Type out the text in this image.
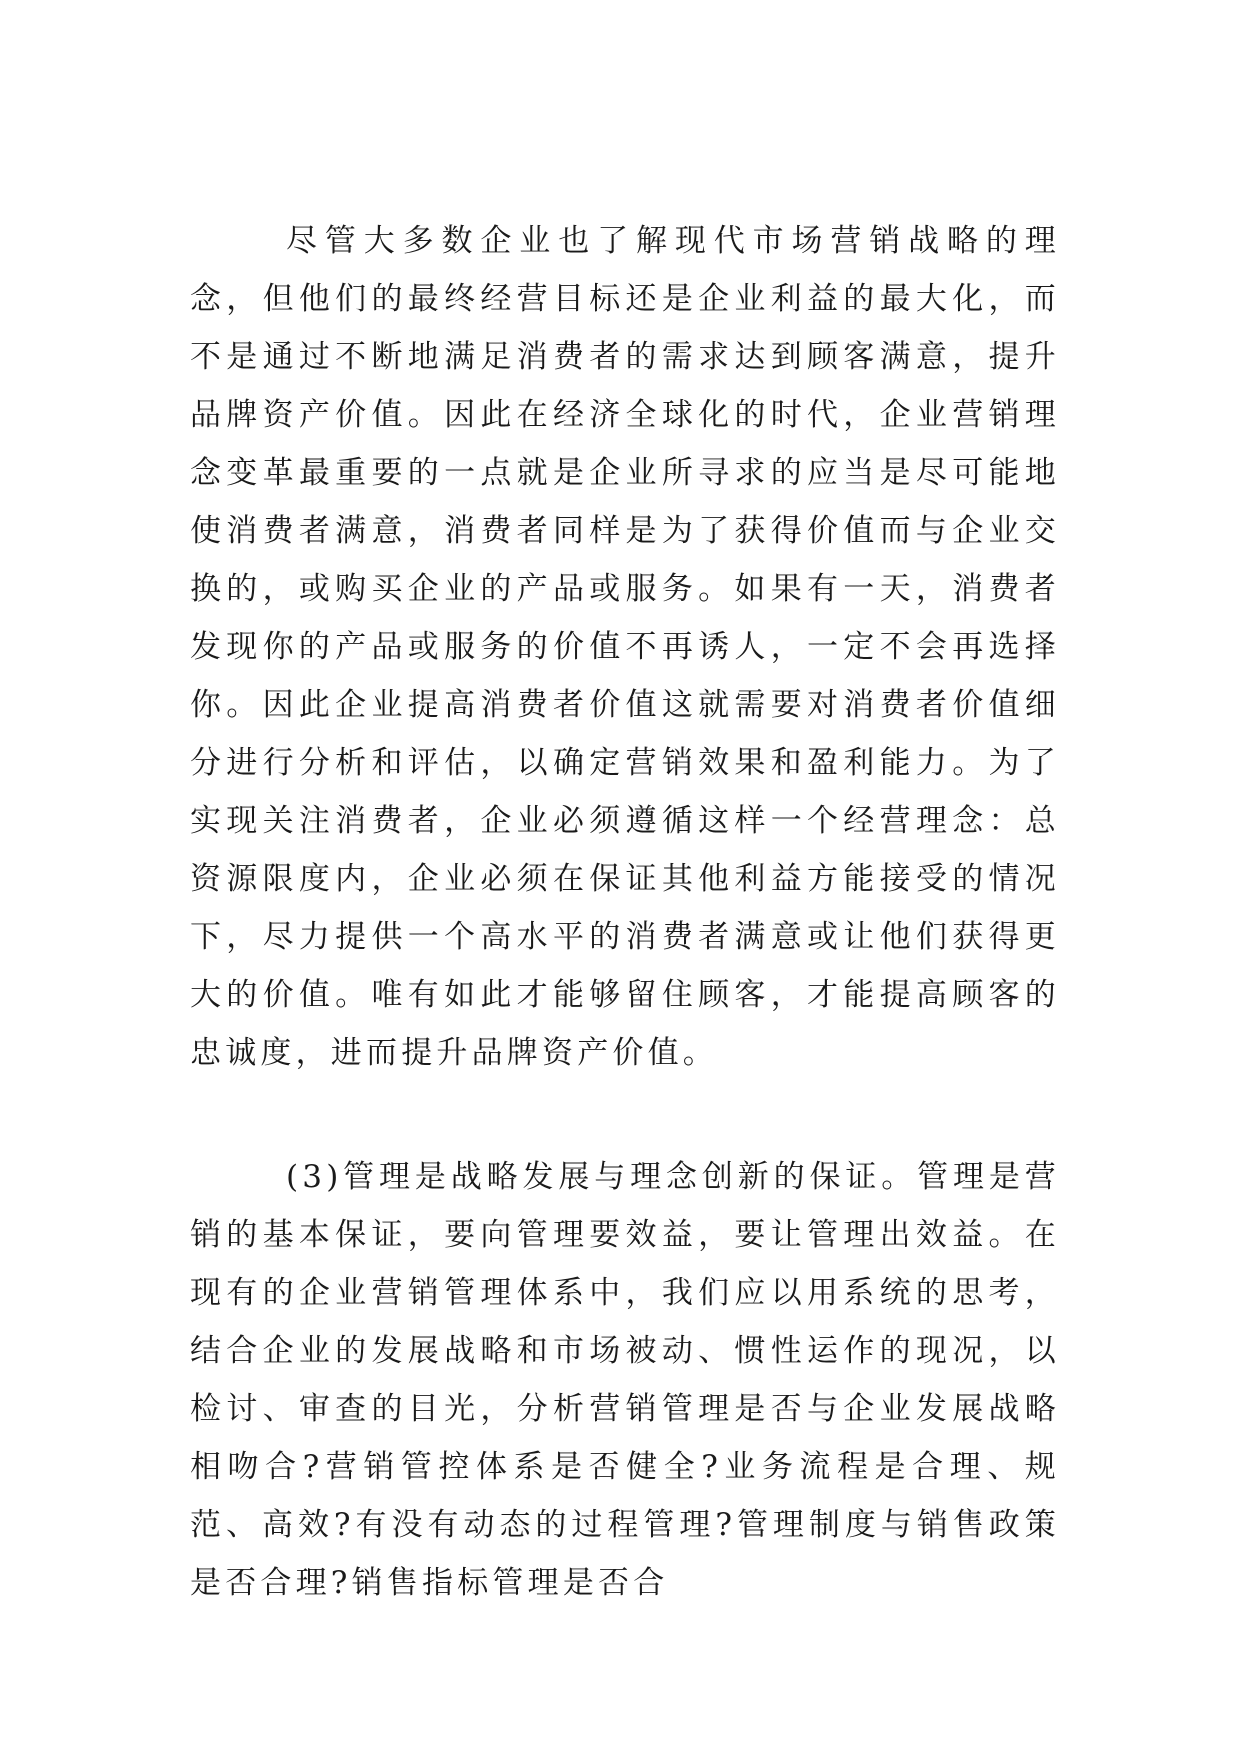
尽管大多数企业也了解现代市场营销战略的理念，但他们的最终经营目标还是企业利益的最大化，而不是通过不断地满足消费者的需求达到顾客满意，提升品牌资产价值。因此在经济全球化的时代，企业营销理念变革最重要的一点就是企业所寻求的应当是尽可能地使消费者满意，消费者同样是为了获得价值而与企业交换的，或购买企业的产品或服务。如果有一天，消费者发现你的产品或服务的价值不再诱人，一定不会再选择你。因此企业提高消费者价值这就需要对消费者价值细分进行分析和评估，以确定营销效果和盈利能力。为了实现关注消费者，企业必须遵循这样一个经营理念：总资源限度内，企业必须在保证其他利益方能接受的情况下，尽力提供一个高水平的消费者满意或让他们获得更大的价值。唯有如此才能够留住顾客，才能提高顾客的忠诚度，进而提升品牌资产价值。

(3)管理是战略发展与理念创新的保证。管理是营销的基本保证，要向管理要效益，要让管理出效益。在现有的企业营销管理体系中，我们应以用系统的思考，结合企业的发展战略和市场被动、惯性运作的现况，以检讨、审查的目光，分析营销管理是否与企业发展战略相吻合?营销管控体系是否健全?业务流程是合理、规范、高效?有没有动态的过程管理?管理制度与销售政策是否合理?销售指标管理是否合
